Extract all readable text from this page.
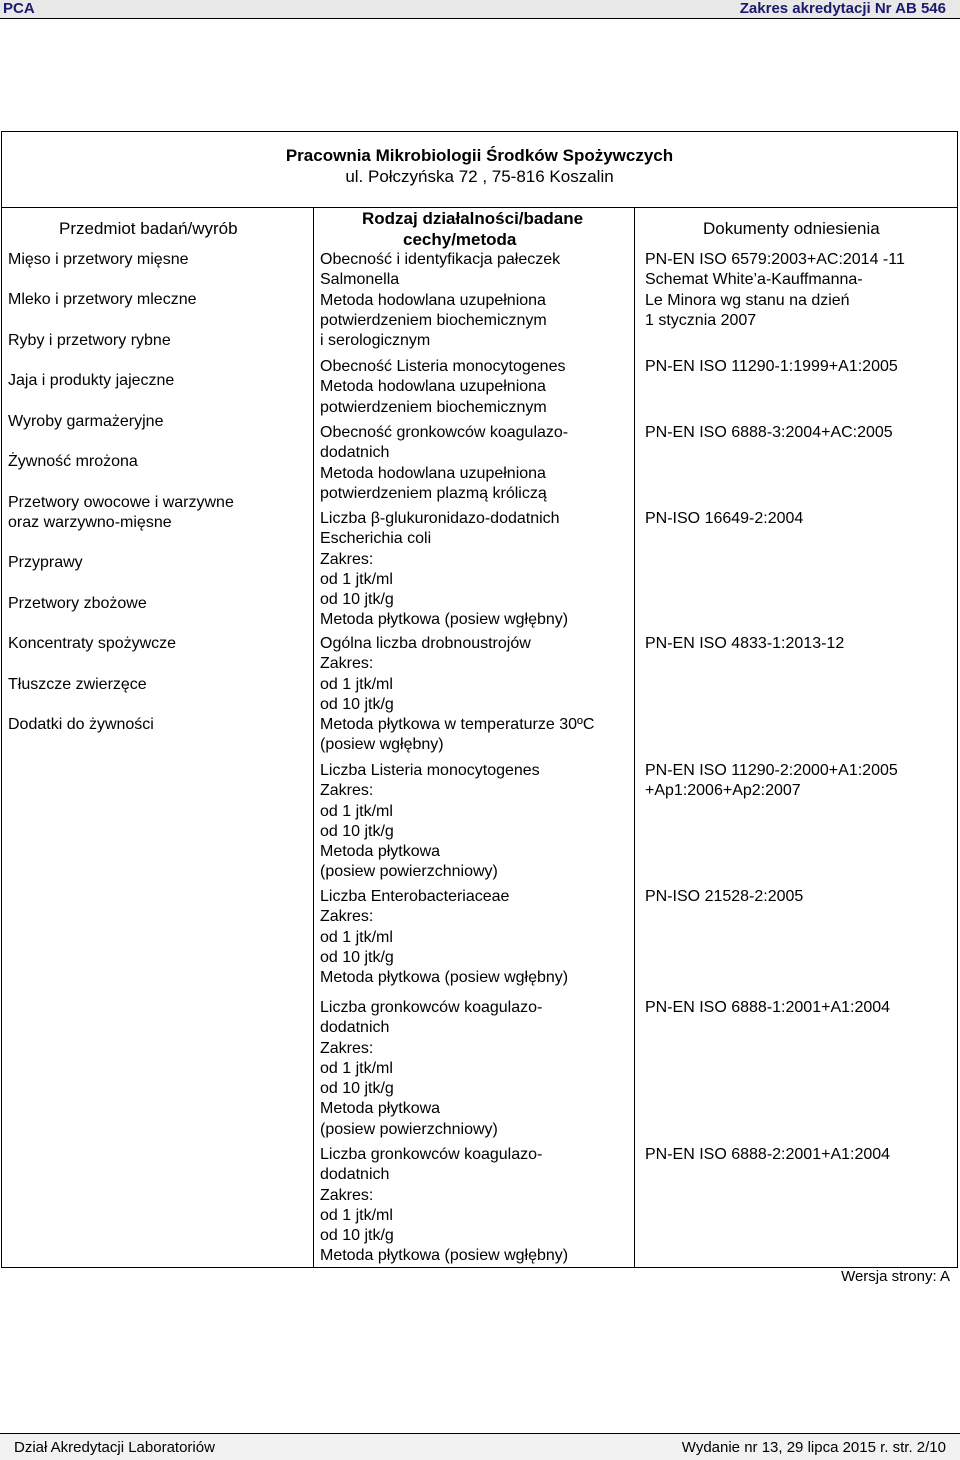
PCA	Zakres akredytacji Nr AB 546
Pracownia Mikrobiologii Środków Spożywczych
ul. Połczyńska 72 , 75-816 Koszalin
Przedmiot badań/wyrób
Rodzaj działalności/badane
cechy/metoda
Dokumenty odniesienia
Mięso i przetwory mięsne
Mleko i przetwory mleczne
Ryby i przetwory rybne
Jaja i produkty jajeczne
Wyroby garmażeryjne
Żywność mrożona
Przetwory owocowe i warzywne
oraz warzywno-mięsne
Przyprawy
Przetwory zbożowe
Koncentraty spożywcze
Tłuszcze zwierzęce
Dodatki do żywności
Obecność i identyfikacja pałeczek
Salmonella
Metoda hodowlana uzupełniona
potwierdzeniem biochemicznym
i serologicznym
Obecność Listeria monocytogenes
Metoda hodowlana uzupełniona
potwierdzeniem biochemicznym
Obecność gronkowców koagulazo-
dodatnich
Metoda hodowlana uzupełniona
potwierdzeniem plazmą króliczą
Liczba β-glukuronidazo-dodatnich
Escherichia coli
Zakres:
od 1 jtk/ml
od 10 jtk/g
Metoda płytkowa (posiew wgłębny)
Ogólna liczba drobnoustrojów
Zakres:
od 1 jtk/ml
od 10 jtk/g
Metoda płytkowa w temperaturze 30ºC
(posiew wgłębny)
Liczba Listeria monocytogenes
Zakres:
od 1 jtk/ml
od 10 jtk/g
Metoda płytkowa
(posiew powierzchniowy)
Liczba Enterobacteriaceae
Zakres:
od 1 jtk/ml
od 10 jtk/g
Metoda płytkowa (posiew wgłębny)
Liczba gronkowców koagulazo-
dodatnich
Zakres:
od 1 jtk/ml
od 10 jtk/g
Metoda płytkowa
(posiew powierzchniowy)
Liczba gronkowców koagulazo-
dodatnich
Zakres:
od 1 jtk/ml
od 10 jtk/g
Metoda płytkowa (posiew wgłębny)
PN-EN ISO 6579:2003+AC:2014 -11
Schemat White’a-Kauffmanna-
Le Minora wg stanu na dzień
1 stycznia 2007
PN-EN ISO 11290-1:1999+A1:2005
PN-EN ISO 6888-3:2004+AC:2005
PN-ISO 16649-2:2004
PN-EN ISO 4833-1:2013-12
PN-EN ISO 11290-2:2000+A1:2005
+Ap1:2006+Ap2:2007
PN-ISO 21528-2:2005
PN-EN ISO 6888-1:2001+A1:2004
PN-EN ISO 6888-2:2001+A1:2004
Wersja strony: A
Dział Akredytacji Laboratoriów	Wydanie nr 13, 29 lipca 2015 r. str. 2/10
